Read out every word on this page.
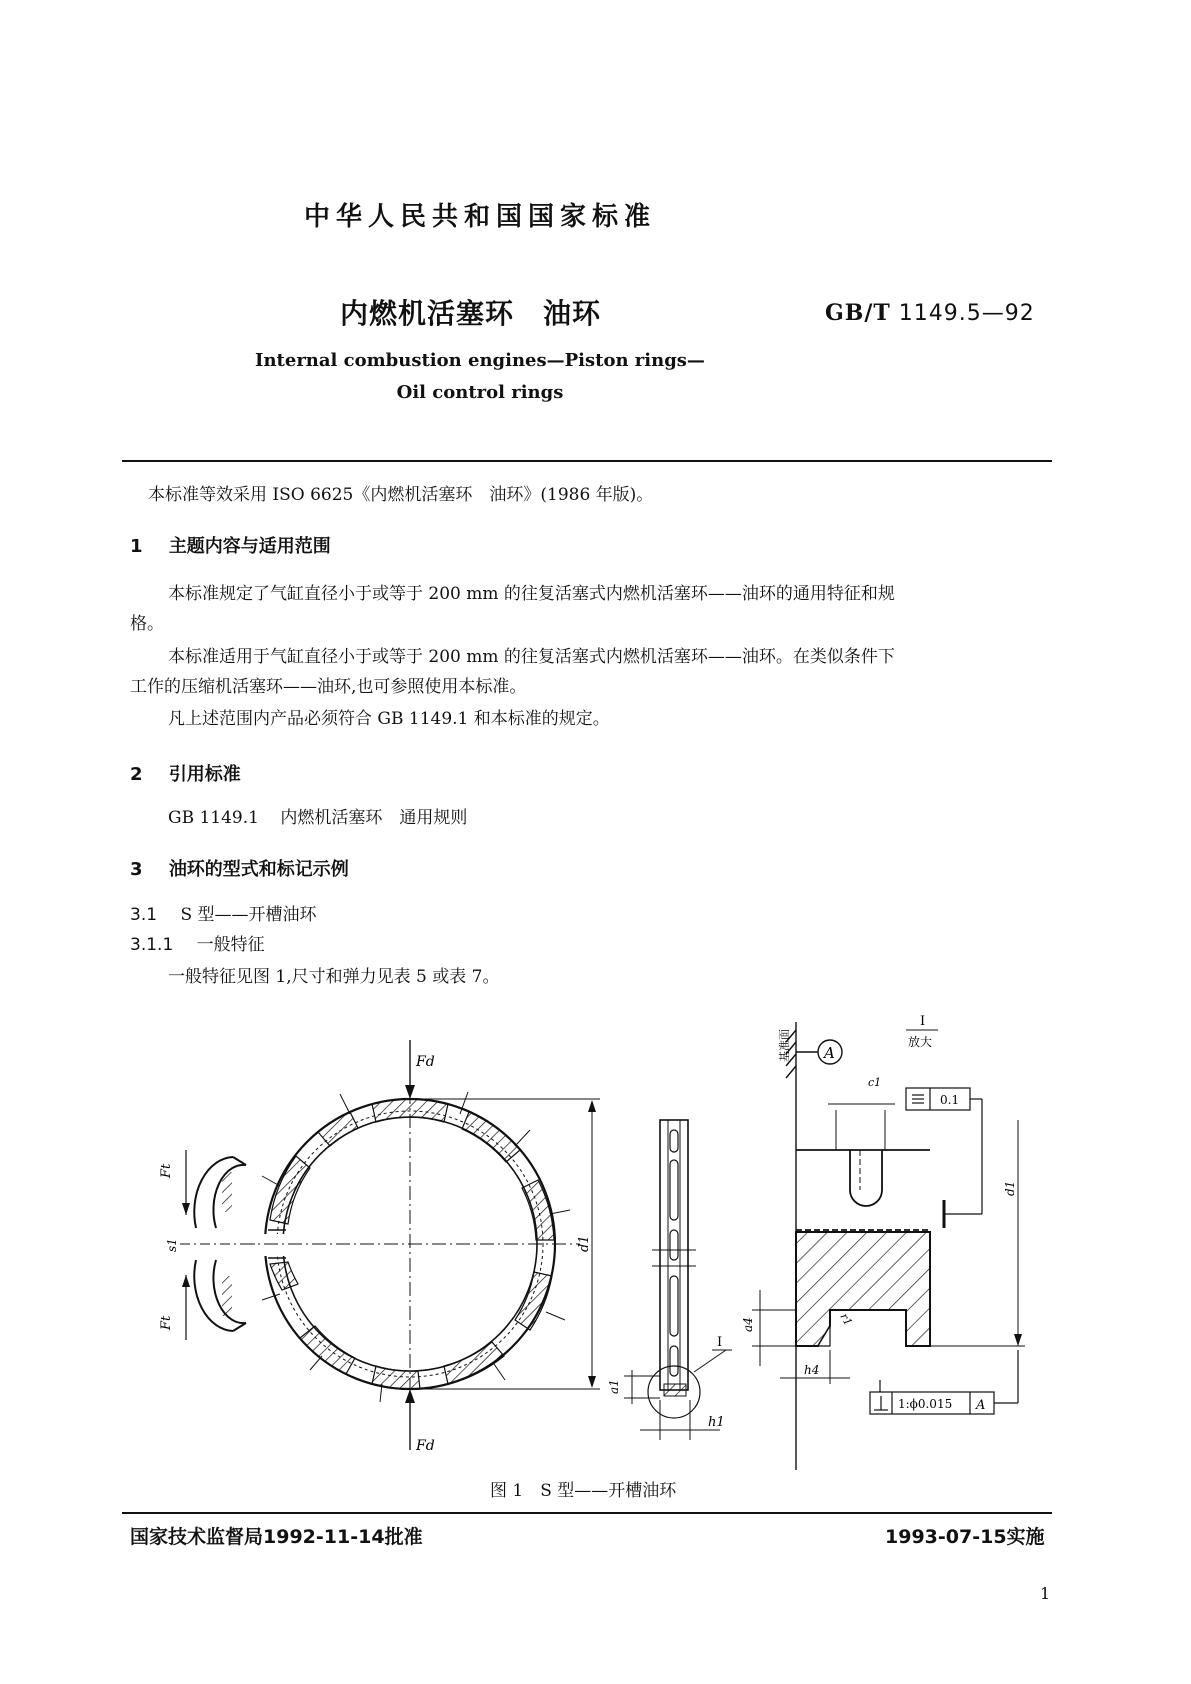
中华人民共和国国家标准
内燃机活塞环　油环	GB/T 1149.5—92
Internal combustion engines—Piston rings—
Oil control rings
本标准等效采用 ISO 6625《内燃机活塞环　油环》(1986 年版)。
1 主题内容与适用范围
本标准规定了气缸直径小于或等于 200 mm 的往复活塞式内燃机活塞环——油环的通用特征和规
格。
本标准适用于气缸直径小于或等于 200 mm 的往复活塞式内燃机活塞环——油环。在类似条件下
工作的压缩机活塞环——油环,也可参照使用本标准。
凡上述范围内产品必须符合 GB 1149.1 和本标准的规定。
2 引用标准
GB 1149.1 内燃机活塞环　通用规则
3 油环的型式和标记示例
3.1 S 型——开槽油环
3.1.1 一般特征
一般特征见图 1,尺寸和弹力见表 5 或表 7。
Ft
Ft
s1
Fd
Fd
d1
a1
h1
I
I
放大
基准面 A
0.1
c1
d1
a4
h4
r1
1:ϕ0.015 A
图 1　S 型——开槽油环
国家技术监督局1992-11-14批准	1993-07-15实施
1
